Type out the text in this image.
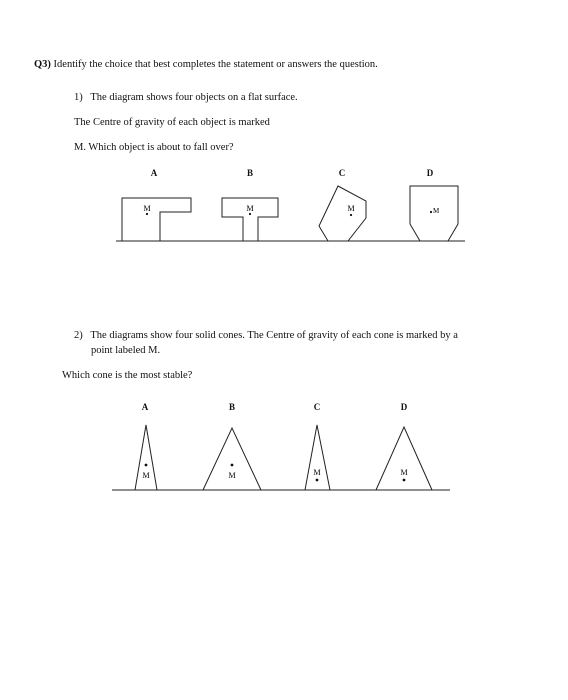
Q3) Identify the choice that best completes the statement or answers the question.
1) The diagram shows four objects on a flat surface.
The Centre of gravity of each object is marked
M. Which object is about to fall over?
A	B	C	D
M	M	M	M
2) The diagrams show four solid cones. The Centre of gravity of each cone is marked by a
point labeled M.
Which cone is the most stable?
A	B	C	D
M	M	M	M
